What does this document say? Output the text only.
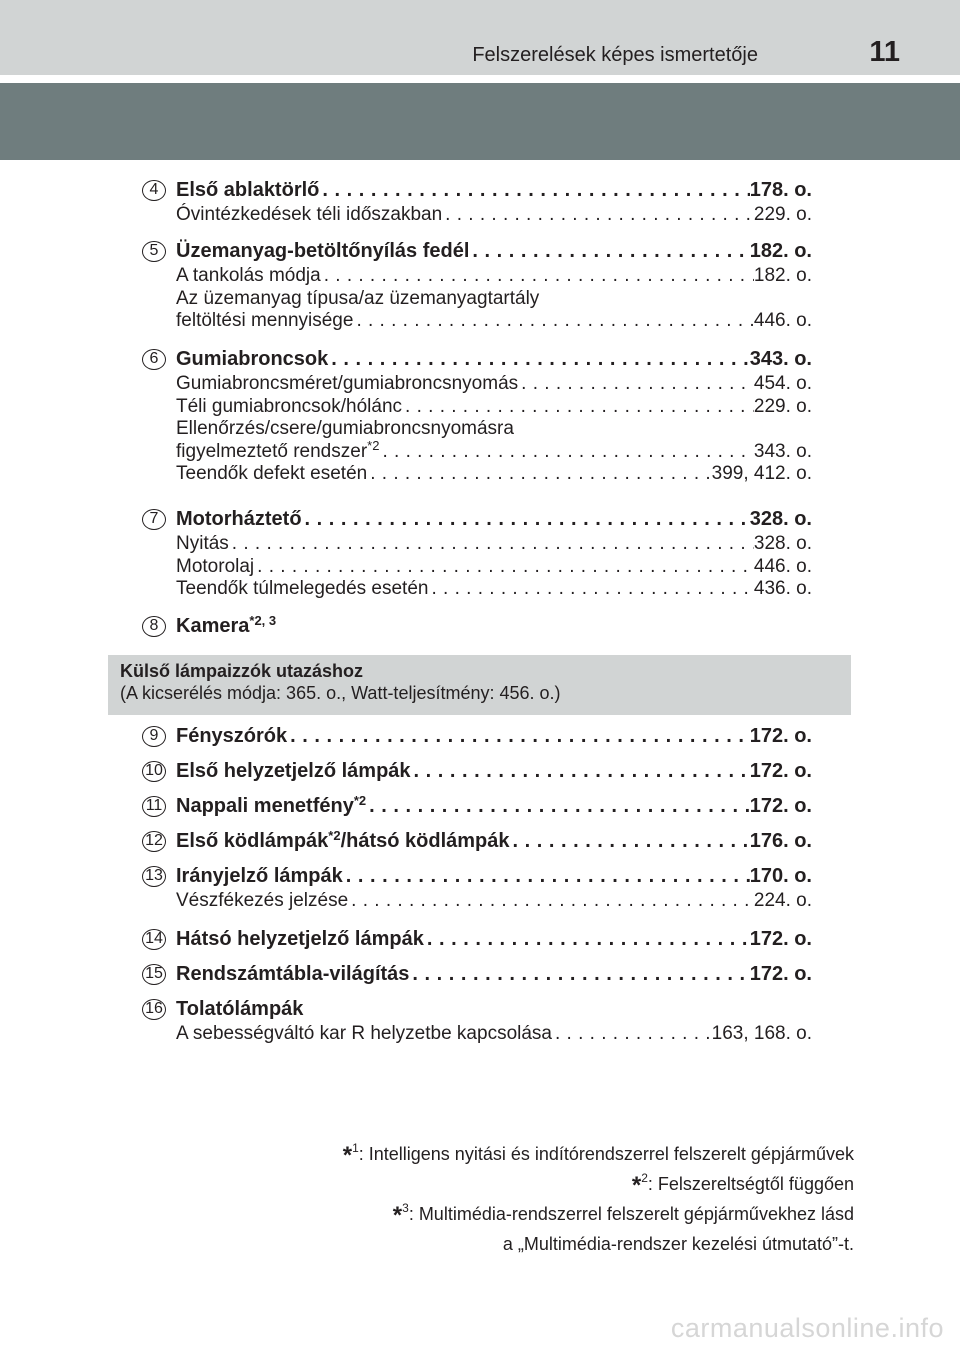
Felszerelések képes ismertetője	11
4 Első ablaktörlő . . .	178. o.
Óvintézkedések téli időszakban . . .	229. o.
5 Üzemanyag-betöltőnyílás fedél . . .	182. o.
A tankolás módja . . .	182. o.
Az üzemanyag típusa/az üzemanyagtartály
feltöltési mennyisége . . .	446. o.
6 Gumiabroncsok . . .	343. o.
Gumiabroncsméret/gumiabroncsnyomás . . .	454. o.
Téli gumiabroncsok/hólánc . . .	229. o.
Ellenőrzés/csere/gumiabroncsnyomásra
figyelmeztető rendszer$^{*2}$ . . .	343. o.
Teendők defekt esetén . . .	399, 412. o.
7 Motorháztető . . .	328. o.
Nyitás . . .	328. o.
Motorolaj . . .	446. o.
Teendők túlmelegedés esetén . . .	436. o.
8 Kamera$^{*2, 3}$
9 Fényszórók . . .	172. o.
10 Első helyzetjelző lámpák . . .	172. o.
11 Nappali menetfény$^{*2}$ . . .	172. o.
12 Első ködlámpák$^{*2}$/hátsó ködlámpák . . .	176. o.
13 Irányjelző lámpák . . .	170. o.
Vészfékezés jelzése . . .	224. o.
14 Hátsó helyzetjelző lámpák . . .	172. o.
15 Rendszámtábla-világítás . . .	172. o.
16 Tolatólámpák
A sebességváltó kar R helyzetbe kapcsolása . . .	163, 168. o.
Külső lámpaizzók utazáshoz
(A kicserélés módja: 365. o., Watt-teljesítmény: 456. o.)
*$^1$: Intelligens nyitási és indítórendszerrel felszerelt gépjárművek
*$^2$: Felszereltségtől függően
*$^3$: Multimédia-rendszerrel felszerelt gépjárművekhez lásd
a „Multimédia-rendszer kezelési útmutató”-t.
carmanualsonline.info
